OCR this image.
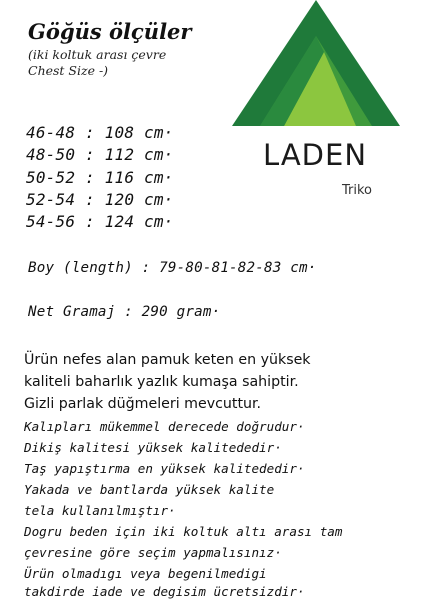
Göğüs ölçüler

(iki koltuk arası çevre

Chest Size -)

LADEN
Triko

46-48 : 108 cm·

48-50 : 112 cm·

50-52 : 116 cm·

52-54 : 120 cm·

54-56 : 124 cm·

Boy (length) : 79-80-81-82-83 cm·

Net Gramaj : 290 gram·

Ürün nefes alan pamuk keten en yüksek

kaliteli baharlık yazlık kumaşa sahiptir.

Gizli parlak düğmeleri mevcuttur.

Kalıpları mükemmel derecede doğrudur·

Dikiş kalitesi yüksek kalitededir·

Taş yapıştırma en yüksek kalitededir·

Yakada ve bantlarda yüksek kalite

tela kullanılmıştır·

Dogru beden için iki koltuk altı arası tam

çevresine göre seçim yapmalısınız·

Ürün olmadıgı veya begenilmedigi

takdirde iade ve degisim ücretsizdir·
